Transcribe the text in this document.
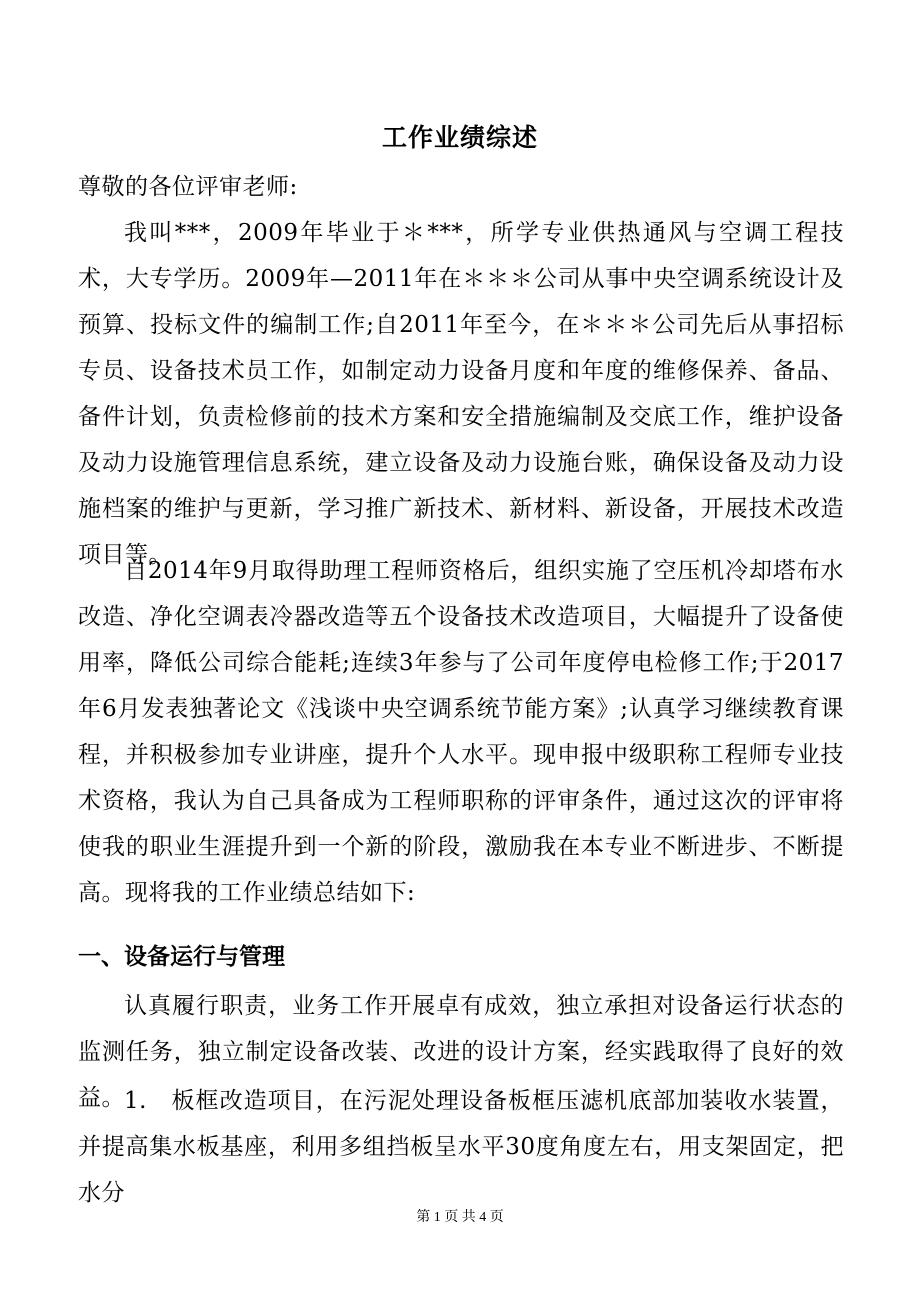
工作业绩综述
尊敬的各位评审老师:
我叫***，2009年毕业于＊***，所学专业供热通风与空调工程技术，大专学历。2009年—2011年在＊＊＊公司从事中央空调系统设计及预算、投标文件的编制工作;自2011年至今，在＊＊＊公司先后从事招标专员、设备技术员工作，如制定动力设备月度和年度的维修保养、备品、备件计划，负责检修前的技术方案和安全措施编制及交底工作，维护设备及动力设施管理信息系统，建立设备及动力设施台账，确保设备及动力设施档案的维护与更新，学习推广新技术、新材料、新设备，开展技术改造项目等。
自2014年9月取得助理工程师资格后，组织实施了空压机冷却塔布水改造、净化空调表冷器改造等五个设备技术改造项目，大幅提升了设备使用率，降低公司综合能耗;连续3年参与了公司年度停电检修工作;于2017年6月发表独著论文《浅谈中央空调系统节能方案》;认真学习继续教育课程，并积极参加专业讲座，提升个人水平。现申报中级职称工程师专业技术资格，我认为自己具备成为工程师职称的评审条件，通过这次的评审将使我的职业生涯提升到一个新的阶段，激励我在本专业不断进步、不断提高。现将我的工作业绩总结如下:
一、设备运行与管理
认真履行职责，业务工作开展卓有成效，独立承担对设备运行状态的监测任务，独立制定设备改装、改进的设计方案，经实践取得了良好的效益。 1.　板框改造项目，在污泥处理设备板框压滤机底部加装收水装置，并提高集水板基座，利用多组挡板呈水平30度角度左右，用支架固定，把水分
第 1 页 共 4 页
